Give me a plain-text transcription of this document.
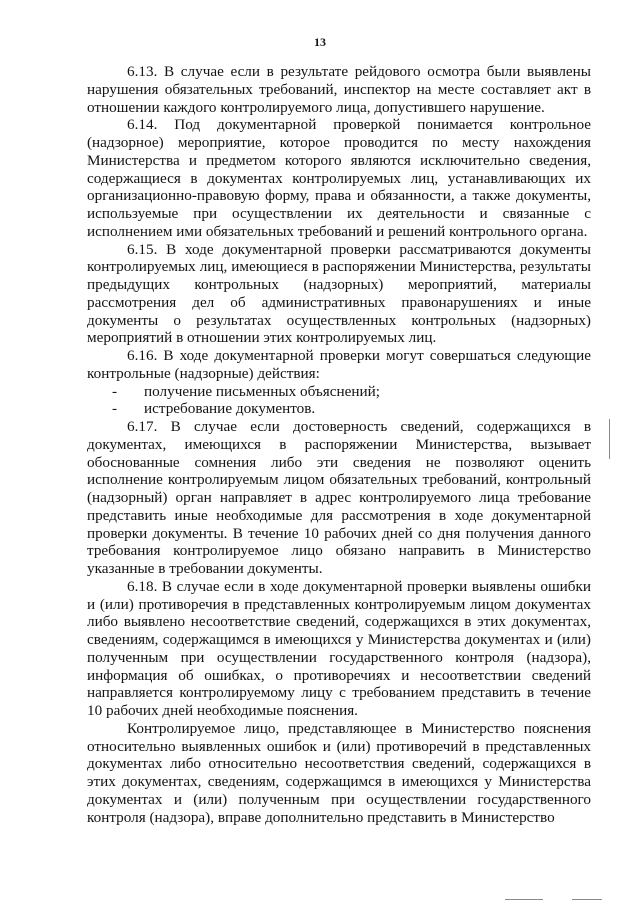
13

6.13. В случае если в результате рейдового осмотра были выявлены нарушения обязательных требований, инспектор на месте составляет акт в отношении каждого контролируемого лица, допустившего нарушение.

6.14. Под документарной проверкой понимается контрольное (надзорное) мероприятие, которое проводится по месту нахождения Министерства и предметом которого являются исключительно сведения, содержащиеся в документах контролируемых лиц, устанавливающих их организационно-правовую форму, права и обязанности, а также документы, используемые при осуществлении их деятельности и связанные с исполнением ими обязательных требований и решений контрольного органа.

6.15. В ходе документарной проверки рассматриваются документы контролируемых лиц, имеющиеся в распоряжении Министерства, результаты предыдущих контрольных (надзорных) мероприятий, материалы рассмотрения дел об административных правонарушениях и иные документы о результатах осуществленных контрольных (надзорных) мероприятий в отношении этих контролируемых лиц.

6.16. В ходе документарной проверки могут совершаться следующие контрольные (надзорные) действия:

- получение письменных объяснений;
- истребование документов.

6.17. В случае если достоверность сведений, содержащихся в документах, имеющихся в распоряжении Министерства, вызывает обоснованные сомнения либо эти сведения не позволяют оценить исполнение контролируемым лицом обязательных требований, контрольный (надзорный) орган направляет в адрес контролируемого лица требование представить иные необходимые для рассмотрения в ходе документарной проверки документы. В течение 10 рабочих дней со дня получения данного требования контролируемое лицо обязано направить в Министерство указанные в требовании документы.

6.18. В случае если в ходе документарной проверки выявлены ошибки и (или) противоречия в представленных контролируемым лицом документах либо выявлено несоответствие сведений, содержащихся в этих документах, сведениям, содержащимся в имеющихся у Министерства документах и (или) полученным при осуществлении государственного контроля (надзора), информация об ошибках, о противоречиях и несоответствии сведений направляется контролируемому лицу с требованием представить в течение 10 рабочих дней необходимые пояснения.

Контролируемое лицо, представляющее в Министерство пояснения относительно выявленных ошибок и (или) противоречий в представленных документах либо относительно несоответствия сведений, содержащихся в этих документах, сведениям, содержащимся в имеющихся у Министерства документах и (или) полученным при осуществлении государственного контроля (надзора), вправе дополнительно представить в Министерство
